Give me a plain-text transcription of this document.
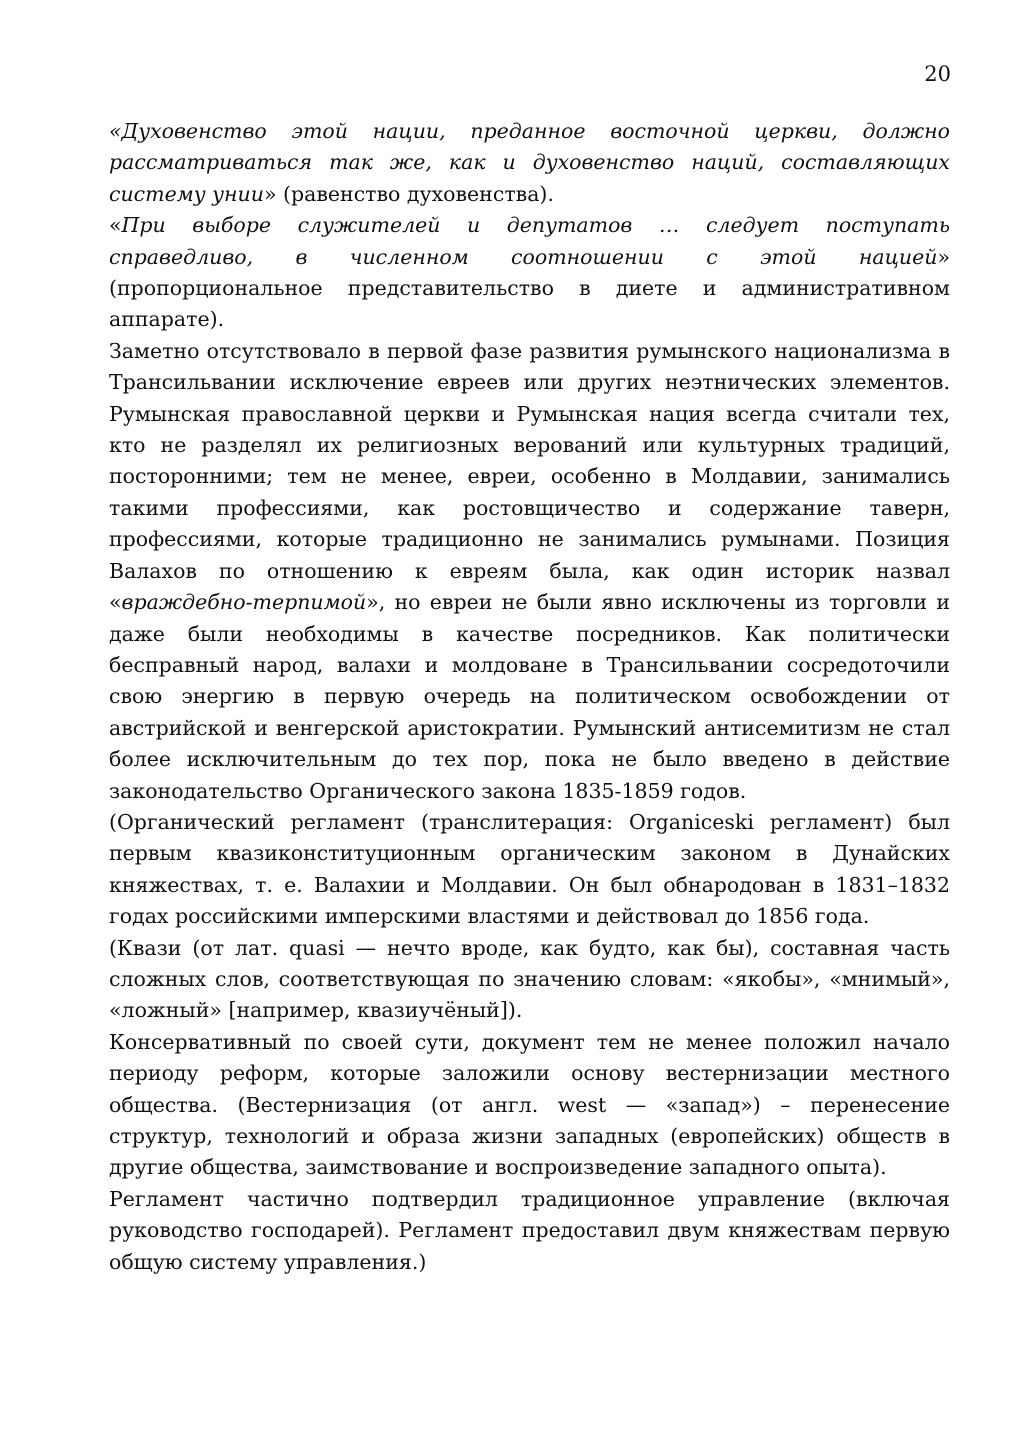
20

«Духовенство этой нации, преданное восточной церкви, должно рассматриваться так же, как и духовенство наций, составляющих систему унии» (равенство духовенства).

«При выборе служителей и депутатов … следует поступать справедливо, в численном соотношении с этой нацией» (пропорциональное представительство в диете и административном аппарате).

Заметно отсутствовало в первой фазе развития румынского национализма в Трансильвании исключение евреев или других неэтнических элементов. Румынская православной церкви и Румынская нация всегда считали тех, кто не разделял их религиозных верований или культурных традиций, посторонними; тем не менее, евреи, особенно в Молдавии, занимались такими профессиями, как ростовщичество и содержание таверн, профессиями, которые традиционно не занимались румынами. Позиция Валахов по отношению к евреям была, как один историк назвал «враждебно-терпимой», но евреи не были явно исключены из торговли и даже были необходимы в качестве посредников. Как политически бесправный народ, валахи и молдоване в Трансильвании сосредоточили свою энергию в первую очередь на политическом освобождении от австрийской и венгерской аристократии. Румынский антисемитизм не стал более исключительным до тех пор, пока не было введено в действие законодательство Органического закона 1835-1859 годов.

(Органический регламент (транслитерация: Organiceski регламент) был первым квазиконституционным органическим законом в Дунайских княжествах, т. е. Валахии и Молдавии. Он был обнародован в 1831–1832 годах российскими имперскими властями и действовал до 1856 года.

(Квази (от лат. quasi — нечто вроде, как будто, как бы), составная часть сложных слов, соответствующая по значению словам: «якобы», «мнимый», «ложный» [например, квазиучёный]).

Консервативный по своей сути, документ тем не менее положил начало периоду реформ, которые заложили основу вестернизации местного общества. (Вестернизация (от англ. west — «запад») – перенесение структур, технологий и образа жизни западных (европейских) обществ в другие общества, заимствование и воспроизведение западного опыта).

Регламент частично подтвердил традиционное управление (включая руководство господарей). Регламент предоставил двум княжествам первую общую систему управления.)
